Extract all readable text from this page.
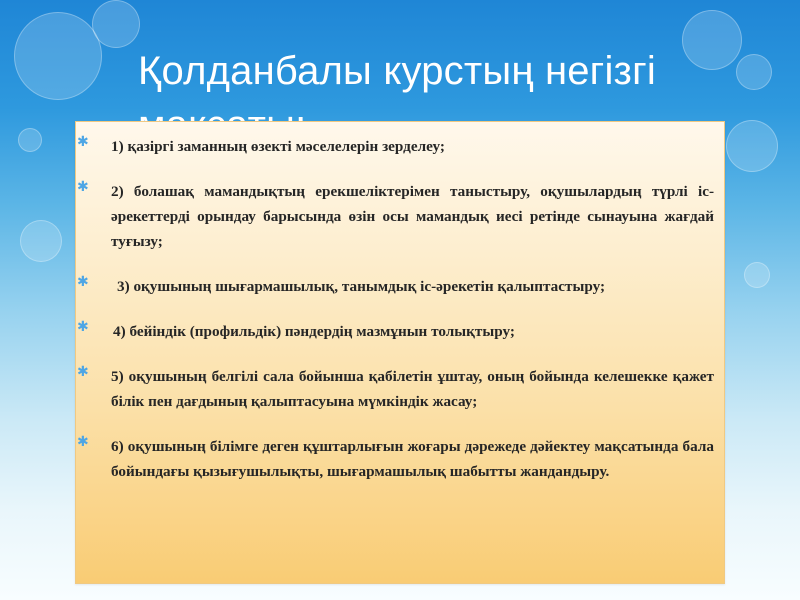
Қолданбалы курстың негізгі
✱ 1) қазіргі заманның өзекті мәселелерін зерделеу;
✱ 2) болашақ мамандықтың ерекшеліктерімен таныстыру, оқушылардың түрлі іс-әрекеттерді орындау барысында өзін осы мамандық иесі ретінде сынауына жағдай туғызу;
✱	3) оқушының шығармашылық, танымдық іс-әрекетін қалыптастыру;
✱ 4) бейіндік (профильдік) пәндердің мазмұнын толықтыру;
✱ 5) оқушының белгілі сала бойынша қабілетін ұштау, оның бойында келешекке қажет білік пен дағдының қалыптасуына мүмкіндік жасау;
✱ 6) оқушының білімге деген құштарлығын жоғары дәрежеде дәйектеу мақсатында бала бойындағы қызығушылықты, шығармашылық шабытты жандандыру.
